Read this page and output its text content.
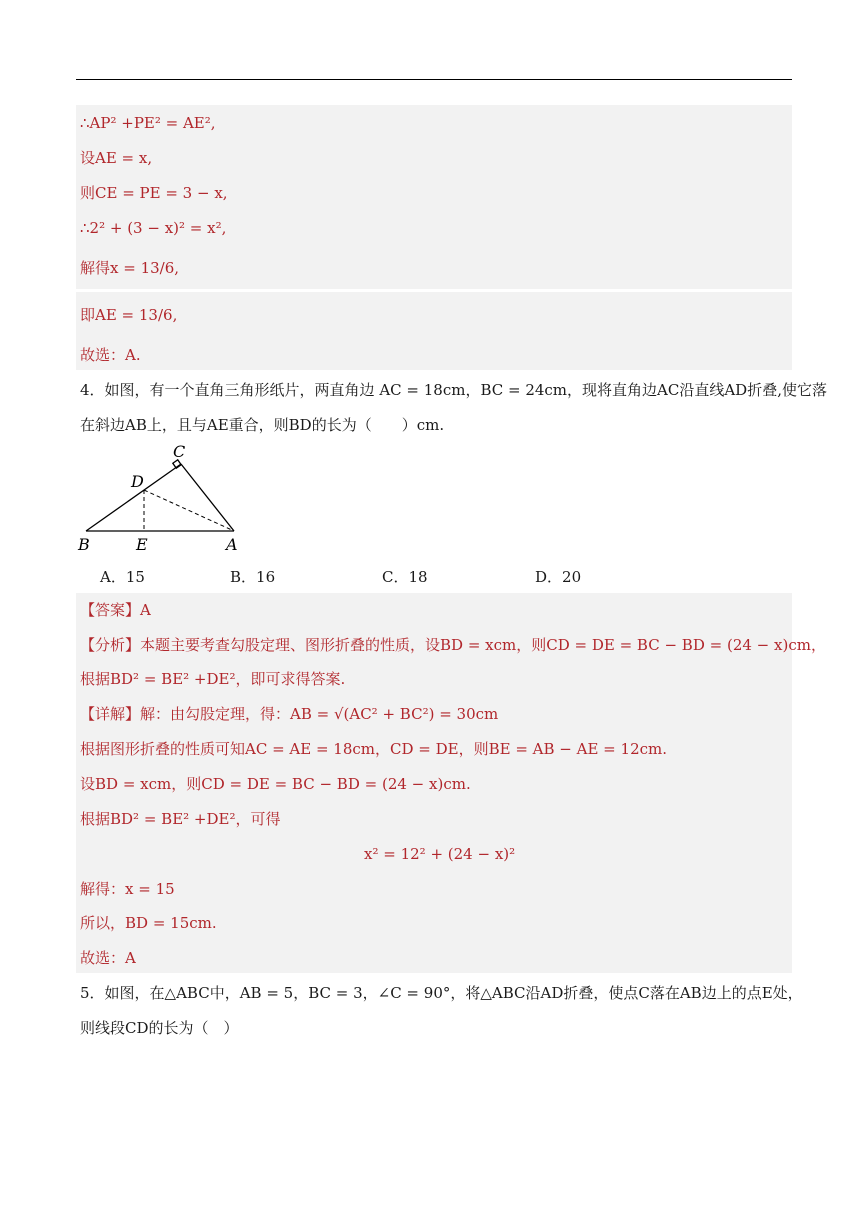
∴AP² +PE² = AE²,
设AE = x,
则CE = PE = 3 − x,
∴2² + (3 − x)² = x²,
解得x = 13/6,
即AE = 13/6,
故选：A.
4．如图，有一个直角三角形纸片，两直角边 AC = 18cm，BC = 24cm，现将直角边AC沿直线AD折叠,使它落
在斜边AB上，且与AE重合，则BD的长为（　　）cm.
C
D
B	E	A
A．15	B．16	C．18	D．20
【答案】A
【分析】本题主要考查勾股定理、图形折叠的性质，设BD = xcm，则CD = DE = BC − BD = (24 − x)cm，
根据BD² = BE² +DE²，即可求得答案.
【详解】解：由勾股定理，得：AB = √(AC² + BC²) = 30cm
根据图形折叠的性质可知AC = AE = 18cm，CD = DE，则BE = AB − AE = 12cm.
设BD = xcm，则CD = DE = BC − BD = (24 − x)cm.
根据BD² = BE² +DE²，可得
x² = 12² + (24 − x)²
解得：x = 15
所以，BD = 15cm.
故选：A
5．如图，在△ABC中，AB = 5，BC = 3，∠C = 90°，将△ABC沿AD折叠，使点C落在AB边上的点E处，
则线段CD的长为（　）
